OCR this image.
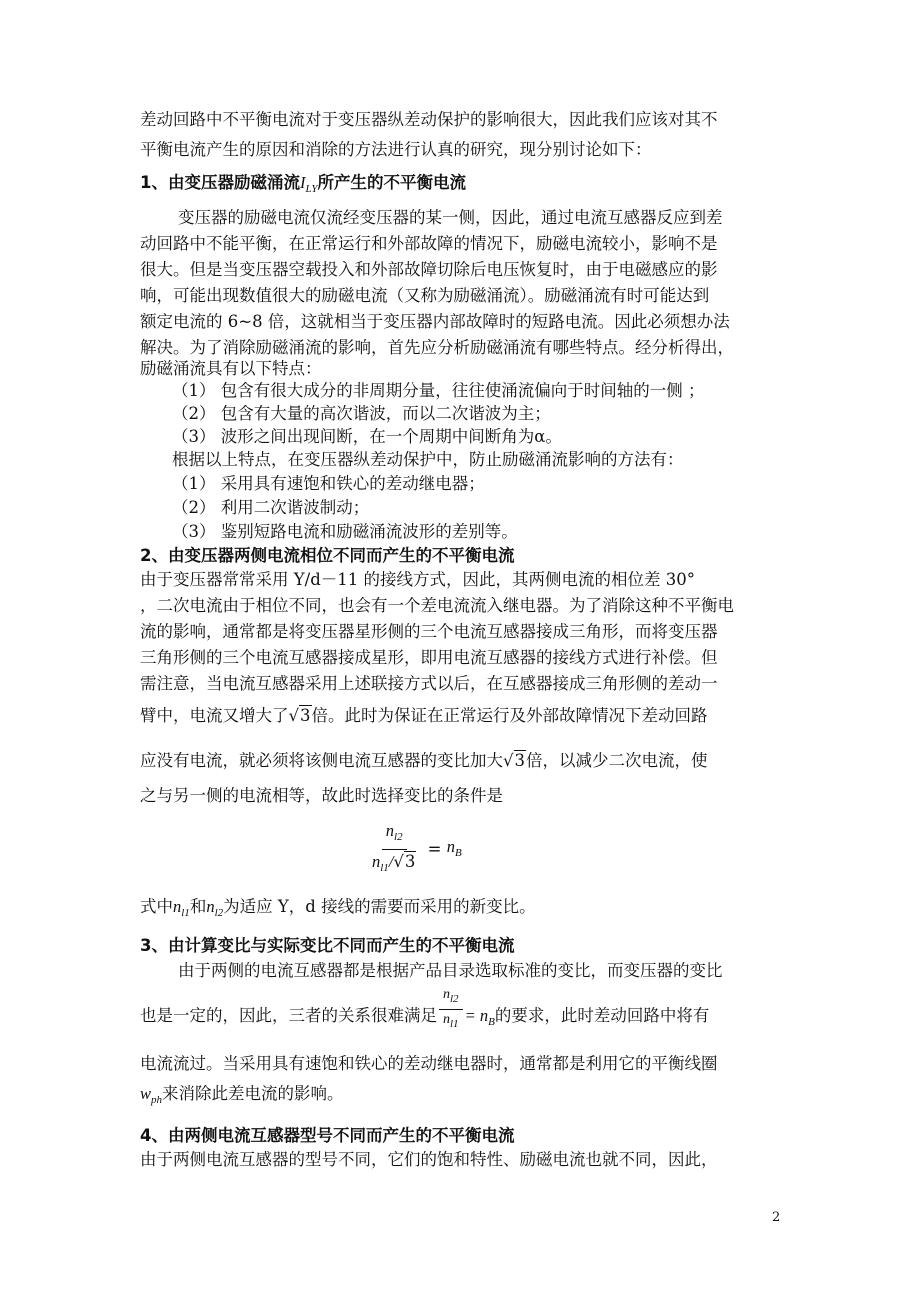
差动回路中不平衡电流对于变压器纵差动保护的影响很大，因此我们应该对其不
平衡电流产生的原因和消除的方法进行认真的研究，现分别讨论如下：
1、由变压器励磁涌流$I_{LY}$所产生的不平衡电流
变压器的励磁电流仅流经变压器的某一侧，因此，通过电流互感器反应到差
动回路中不能平衡，在正常运行和外部故障的情况下，励磁电流较小，影响不是
很大。但是当变压器空载投入和外部故障切除后电压恢复时，由于电磁感应的影
响，可能出现数值很大的励磁电流（又称为励磁涌流）。励磁涌流有时可能达到
额定电流的 6~8 倍，这就相当于变压器内部故障时的短路电流。因此必须想办法
解决。为了消除励磁涌流的影响，首先应分析励磁涌流有哪些特点。经分析得出，
励磁涌流具有以下特点：
（1） 包含有很大成分的非周期分量，往往使涌流偏向于时间轴的一侧 ；
（2） 包含有大量的高次谐波，而以二次谐波为主；
（3） 波形之间出现间断，在一个周期中间断角为α。
根据以上特点，在变压器纵差动保护中，防止励磁涌流影响的方法有：
（1） 采用具有速饱和铁心的差动继电器；
（2） 利用二次谐波制动；
（3） 鉴别短路电流和励磁涌流波形的差别等。
2、由变压器两侧电流相位不同而产生的不平衡电流
由于变压器常常采用 Y/d－11 的接线方式，因此，其两侧电流的相位差 30°
，二次电流由于相位不同，也会有一个差电流流入继电器。为了消除这种不平衡电
流的影响，通常都是将变压器星形侧的三个电流互感器接成三角形，而将变压器
三角形侧的三个电流互感器接成星形，即用电流互感器的接线方式进行补偿。但
需注意，当电流互感器采用上述联接方式以后，在互感器接成三角形侧的差动一
臂中，电流又增大了√3倍。此时为保证在正常运行及外部故障情况下差动回路
应没有电流，就必须将该侧电流互感器的变比加大√3倍，以减少二次电流，使
之与另一侧的电流相等，故此时选择变比的条件是
$\frac{n_{l2}}{n_{l1}/√3} = n_B$
式中$n_{l1}$和$n_{l2}$为适应 Y，d 接线的需要而采用的新变比。
3、由计算变比与实际变比不同而产生的不平衡电流
由于两侧的电流互感器都是根据产品目录选取标准的变比，而变压器的变比
也是一定的，因此，三者的关系很难满足 $\frac{n_{l2}}{n_{l1}} = n_B$的要求，此时差动回路中将有
电流流过。当采用具有速饱和铁心的差动继电器时，通常都是利用它的平衡线圈
$w_{ph}$来消除此差电流的影响。
4、由两侧电流互感器型号不同而产生的不平衡电流
由于两侧电流互感器的型号不同，它们的饱和特性、励磁电流也就不同，因此，
2
